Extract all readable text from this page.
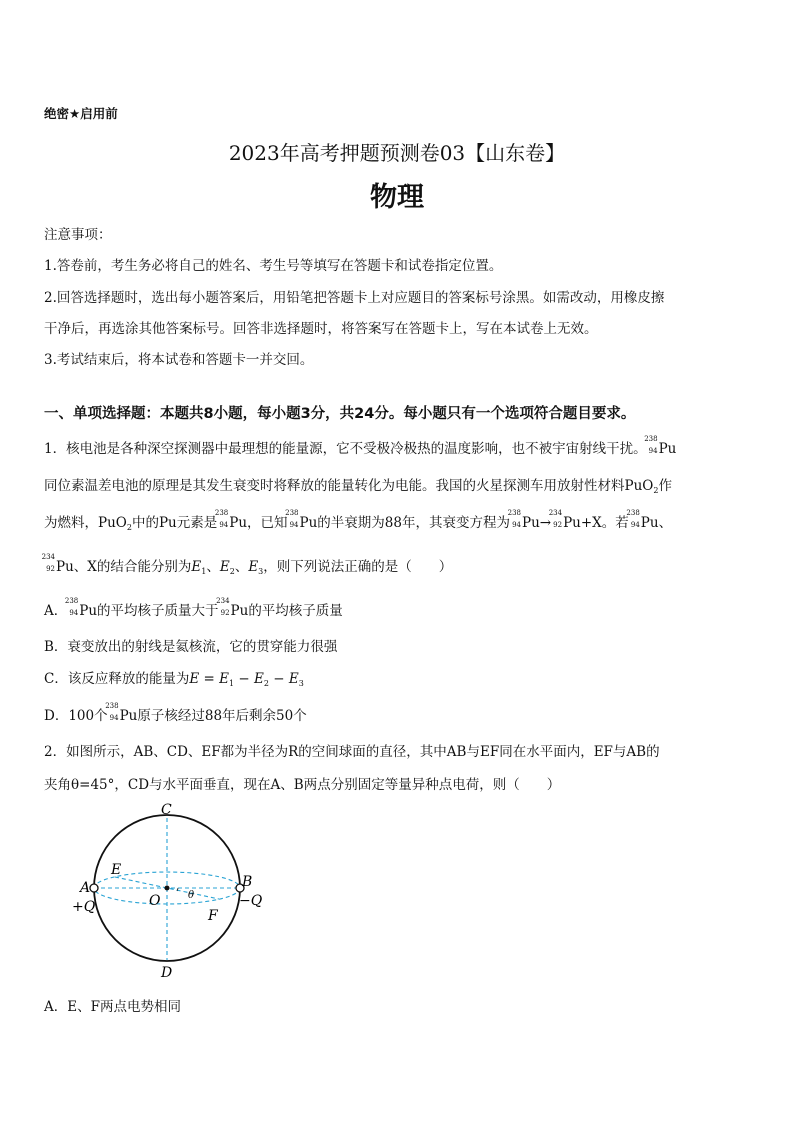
绝密★启用前
2023年高考押题预测卷03【山东卷】
物理
注意事项：
1.答卷前，考生务必将自己的姓名、考生号等填写在答题卡和试卷指定位置。
2.回答选择题时，选出每小题答案后，用铅笔把答题卡上对应题目的答案标号涂黑。如需改动，用橡皮擦
干净后，再选涂其他答案标号。回答非选择题时，将答案写在答题卡上，写在本试卷上无效。
3.考试结束后，将本试卷和答题卡一并交回。
一、单项选择题：本题共8小题，每小题3分，共24分。每小题只有一个选项符合题目要求。
1．核电池是各种深空探测器中最理想的能量源，它不受极冷极热的温度影响，也不被宇宙射线干扰。
238
94 Pu
同位素温差电池的原理是其发生衰变时将释放的能量转化为电能。我国的火星探测车用放射性材料PuO$_2$作
为燃料，PuO$_2$中的Pu元素是
238
94 Pu，已知
238
94 Pu的半衰期为88年，其衰变方程为
238
94 Pu→
234
92 Pu+X。若
238
94 Pu、
234
92 Pu、X的结合能分别为$E_1$、$E_2$、$E_3$，则下列说法正确的是（　　）
A．
238
94 Pu的平均核子质量大于
234
92 Pu的平均核子质量
B．衰变放出的射线是氦核流，它的贯穿能力很强
C．该反应释放的能量为$E = E_1 - E_2 - E_3$
D．100个
238
94 Pu原子核经过88年后剩余50个
2．如图所示，AB、CD、EF都为半径为R的空间球面的直径，其中AB与EF同在水平面内，EF与AB的
夹角θ=45°，CD与水平面垂直，现在A、B两点分别固定等量异种点电荷，则（　　）
C
D
E
F
O
A	B
+Q	−Q
θ
A．E、F两点电势相同
